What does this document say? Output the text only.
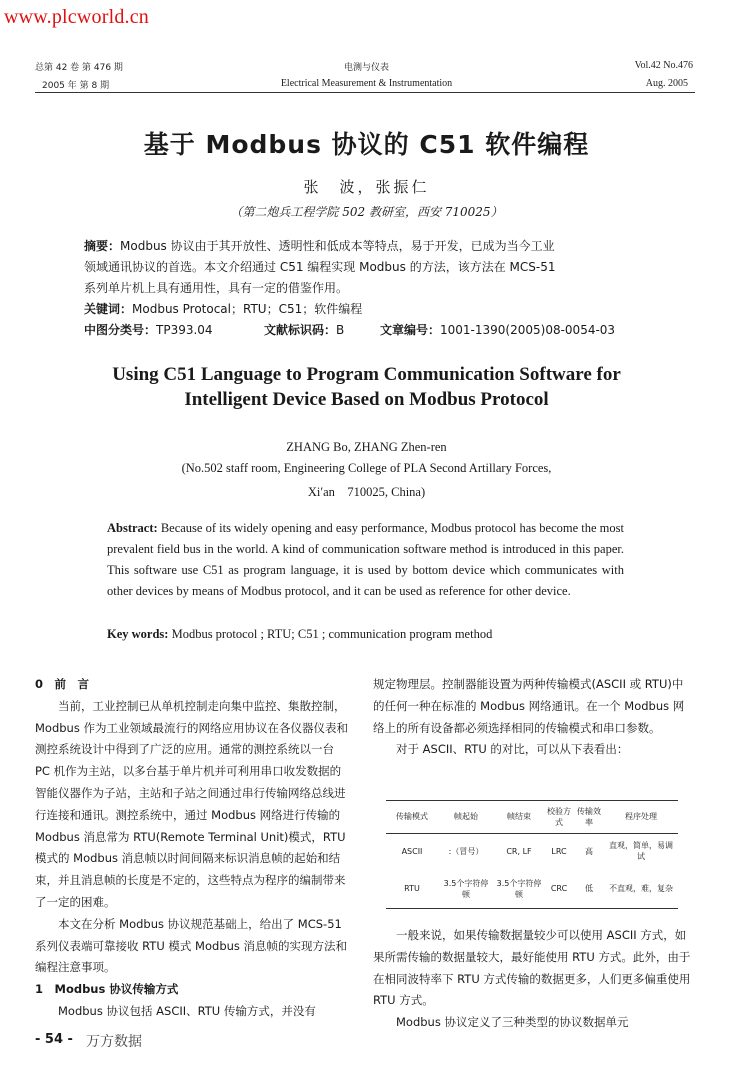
www.plcworld.cn
总第 42 卷 第 476 期
2005 年 第 8 期
电测与仪表
Electrical Measurement & Instrumentation
Vol.42 No.476
Aug. 2005
基于 Modbus 协议的 C51 软件编程
张　波，张振仁
（第二炮兵工程学院 502 教研室，西安 710025）
摘要：Modbus 协议由于其开放性、透明性和低成本等特点，易于开发，已成为当今工业
领域通讯协议的首选。本文介绍通过 C51 编程实现 Modbus 的方法，该方法在 MCS-51
系列单片机上具有通用性，具有一定的借鉴作用。
关键词：Modbus Protocal；RTU；C51；软件编程
中图分类号：TP393.04	文献标识码：B	文章编号：1001-1390(2005)08-0054-03
Using C51 Language to Program Communication Software for
Intelligent Device Based on Modbus Protocol
ZHANG Bo, ZHANG Zhen-ren
(No.502 staff room, Engineering College of PLA Second Artillary Forces,
Xi′an　710025, China)
Abstract: Because of its widely opening and easy performance, Modbus protocol has become the most prevalent field bus in the world. A kind of communication software method is introduced in this paper. This software use C51 as program language, it is used by bottom device which communicates with other devices by means of Modbus protocol, and it can be used as reference for other device.
Key words: Modbus protocol ; RTU; C51 ; communication program method

0　前　言

当前，工业控制已从单机控制走向集中监控、集散控制，Modbus 作为工业领域最流行的网络应用协议在各仪器仪表和测控系统设计中得到了广泛的应用。通常的测控系统以一台 PC 机作为主站，以多台基于单片机并可利用串口收发数据的智能仪器作为子站，主站和子站之间通过串行传输网络总线进行连接和通讯。测控系统中，通过 Modbus 网络进行传输的 Modbus 消息常为 RTU(Remote Terminal Unit)模式，RTU 模式的 Modbus 消息帧以时间间隔来标识消息帧的起始和结束，并且消息帧的长度是不定的，这些特点为程序的编制带来了一定的困难。

本文在分析 Modbus 协议规范基础上，给出了 MCS-51 系列仪表端可靠接收 RTU 模式 Modbus 消息帧的实现方法和编程注意事项。

1　Modbus 协议传输方式

Modbus 协议包括 ASCII、RTU 传输方式，并没有

规定物理层。控制器能设置为两种传输模式(ASCII 或 RTU)中的任何一种在标准的 Modbus 网络通讯。在一个 Modbus 网络上的所有设备都必须选择相同的传输模式和串口参数。

对于 ASCII、RTU 的对比，可以从下表看出：

传输模式	帧起始	帧结束	校验方式	传输效率	程序处理
ASCII	:（冒号）	CR, LF	LRC	高	直观，简单，易调试
RTU	3.5个字符停顿	3.5个字符停顿	CRC	低	不直观，难，复杂

一般来说，如果传输数据量较少可以使用 ASCII 方式，如果所需传输的数据量较大，最好能使用 RTU 方式。此外，由于在相同波特率下 RTU 方式传输的数据更多，人们更多偏重使用 RTU 方式。

Modbus 协议定义了三种类型的协议数据单元

- 54 - 万方数据
